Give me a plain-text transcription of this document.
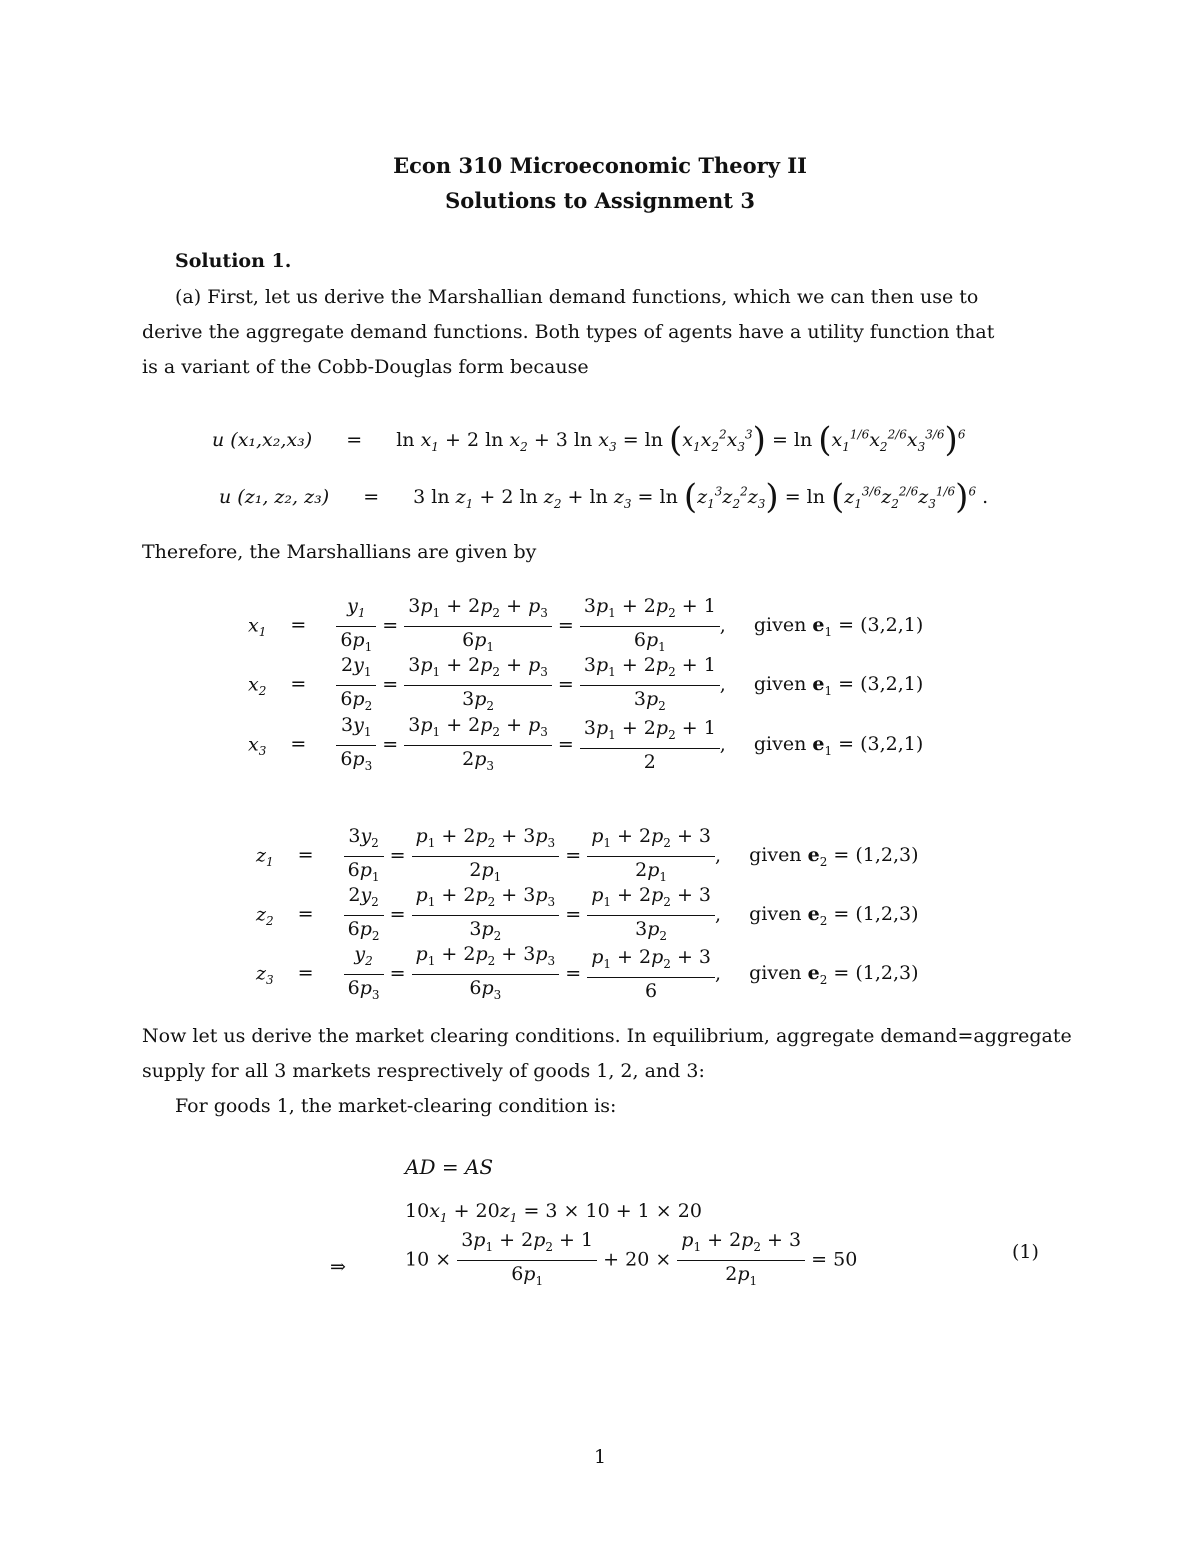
Econ 310 Microeconomic Theory II
Solutions to Assignment 3
Solution 1.
(a) First, let us derive the Marshallian demand functions, which we can then use to
derive the aggregate demand functions. Both types of agents have a utility function that
is a variant of the Cobb-Douglas form because
u $(x_1,x_2,x_3) = \ln x_1 + 2$ $\ln x_2 + 3$ $\ln x_3 = \ln (x_1x_2^2x_3^3) = \ln (x_1^{1/6}x_2^{2/6}x_3^{3/6})^6$
u (z₁, z₂, z₃) = 3 $\ln z_1 + 2$ $\ln z_2 + \ln z_3 = \ln (z_1^3z_2^2z_3) = \ln (z_1^{3/6}z_2^{2/6}z_3^{1/6})^6$ .
Therefore, the Marshallians are given by
$x_1 = \frac{y_1}{6p_1} = \frac{3p_1 + 2p_2 + p_3}{6p_1} = \frac{3p_1 + 2p_2 + 1}{6p_1}$ , given $e_1 = (3,2,1)$
$x_2 = \frac{2y_1}{6p_2} = \frac{3p_1 + 2p_2 + p_3}{3p_2} = \frac{3p_1 + 2p_2 + 1}{3p_2}$ , given $e_1 = (3,2,1)$
$x_3 = \frac{3y_1}{6p_3} = \frac{3p_1 + 2p_2 + p_3}{2p_3} = \frac{3p_1 + 2p_2 + 1}{2}$ , given $e_1 = (3,2,1)$
$z_1 = \frac{3y_2}{6p_1} = \frac{p_1 + 2p_2 + 3p_3}{2p_1} = \frac{p_1 + 2p_2 + 3}{2p_1}$ , given $e_2 = (1,2,3)$
$z_2 = \frac{2y_2}{6p_2} = \frac{p_1 + 2p_2 + 3p_3}{3p_2} = \frac{p_1 + 2p_2 + 3}{3p_2}$ , given $e_2 = (1,2,3)$
$z_3 = \frac{y_2}{6p_3} = \frac{p_1 + 2p_2 + 3p_3}{6p_3} = \frac{p_1 + 2p_2 + 3}{6}$ , given $e_2 = (1,2,3)$
Now let us derive the market clearing conditions. In equilibrium, aggregate demand=aggregate
supply for all 3 markets resprectively of goods 1, 2, and 3:
For goods 1, the market-clearing condition is:
AD = AS
$10x_1 + 20z_1 = 3 \times 10 + 1 \times 20$
⇒	$10 \times \frac{3p_1 + 2p_2 + 1}{6p_1} + 20 \times \frac{p_1 + 2p_2 + 3}{2p_1} = 50$	(1)
1
